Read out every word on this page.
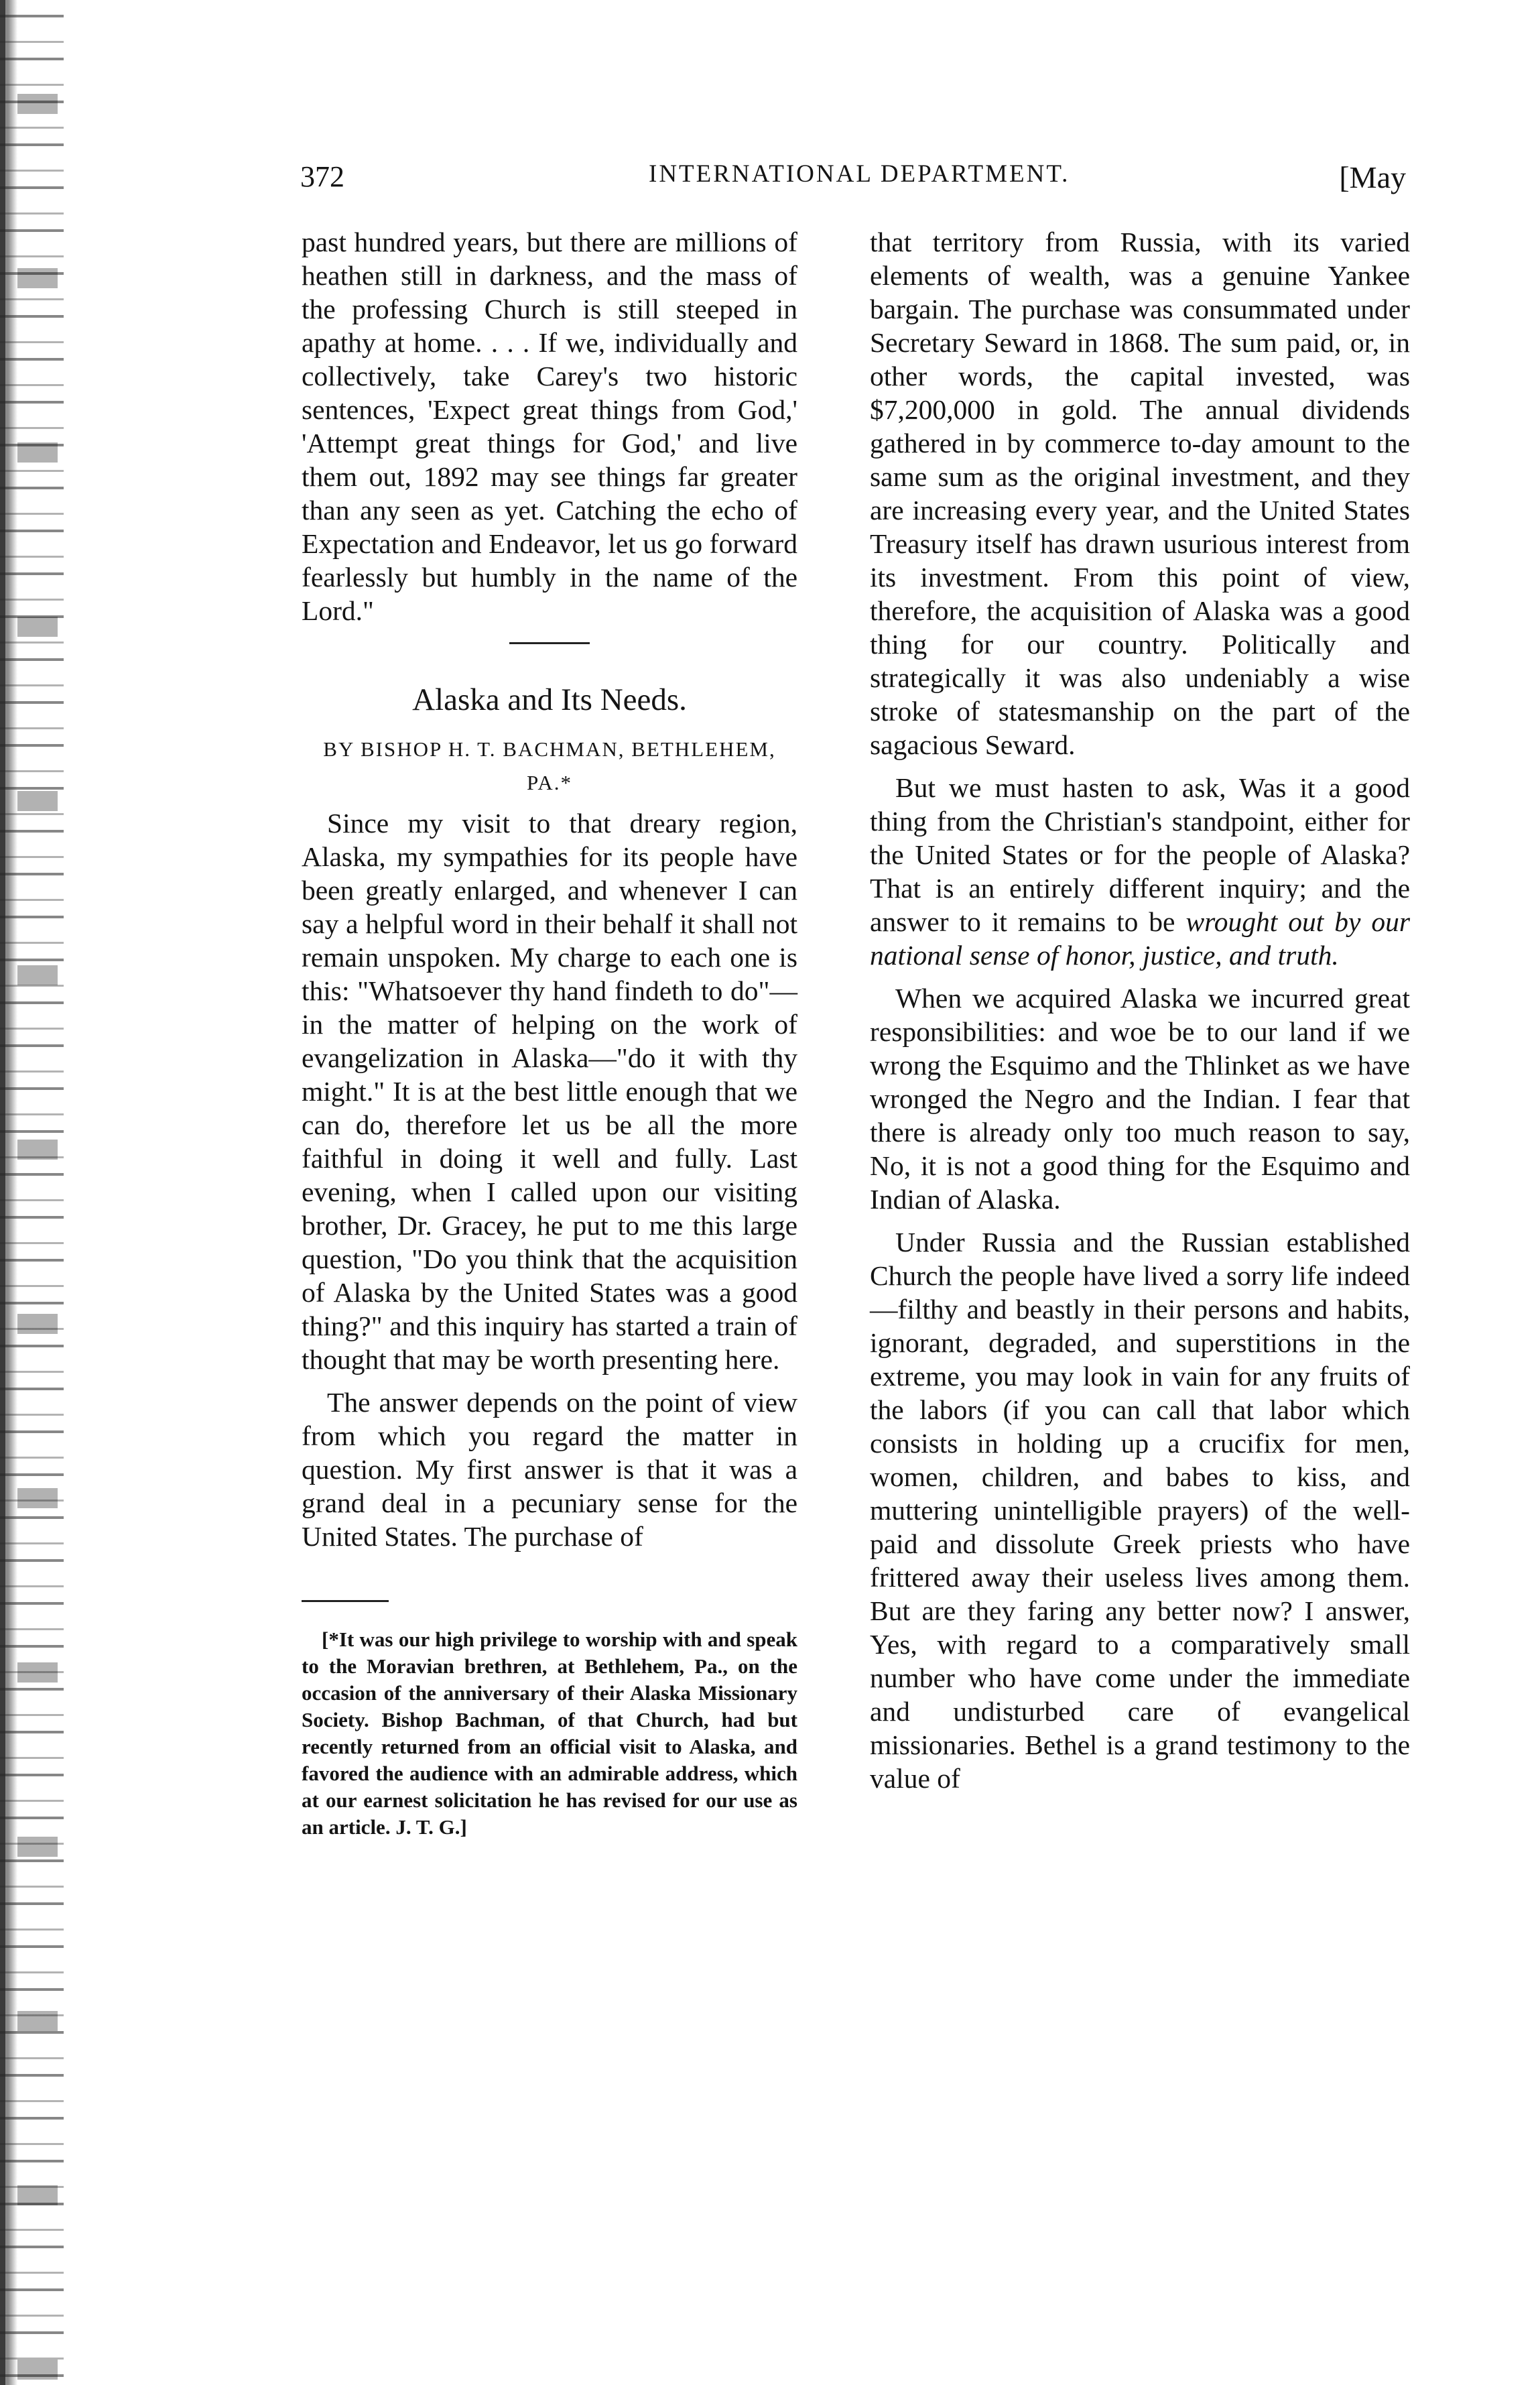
372	INTERNATIONAL DEPARTMENT.	[May

past hundred years, but there are millions of heathen still in darkness, and the mass of the professing Church is still steeped in apathy at home. . . . If we, individually and collectively, take Carey's two historic sentences, 'Expect great things from God,' 'Attempt great things for God,' and live them out, 1892 may see things far greater than any seen as yet. Catching the echo of Expectation and Endeavor, let us go forward fearlessly but humbly in the name of the Lord."

Alaska and Its Needs.

BY BISHOP H. T. BACHMAN, BETHLEHEM, PA.*

Since my visit to that dreary region, Alaska, my sympathies for its people have been greatly enlarged, and whenever I can say a helpful word in their behalf it shall not remain unspoken. My charge to each one is this: "Whatsoever thy hand findeth to do"—in the matter of helping on the work of evangelization in Alaska—"do it with thy might." It is at the best little enough that we can do, therefore let us be all the more faithful in doing it well and fully. Last evening, when I called upon our visiting brother, Dr. Gracey, he put to me this large question, "Do you think that the acquisition of Alaska by the United States was a good thing?" and this inquiry has started a train of thought that may be worth presenting here.

The answer depends on the point of view from which you regard the matter in question. My first answer is that it was a grand deal in a pecuniary sense for the United States. The purchase of

[*It was our high privilege to worship with and speak to the Moravian brethren, at Bethlehem, Pa., on the occasion of the anniversary of their Alaska Missionary Society. Bishop Bachman, of that Church, had but recently returned from an official visit to Alaska, and favored the audience with an admirable address, which at our earnest solicitation he has revised for our use as an article. J. T. G.]

that territory from Russia, with its varied elements of wealth, was a genuine Yankee bargain. The purchase was consummated under Secretary Seward in 1868. The sum paid, or, in other words, the capital invested, was $7,200,000 in gold. The annual dividends gathered in by commerce to-day amount to the same sum as the original investment, and they are increasing every year, and the United States Treasury itself has drawn usurious interest from its investment. From this point of view, therefore, the acquisition of Alaska was a good thing for our country. Politically and strategically it was also undeniably a wise stroke of statesmanship on the part of the sagacious Seward.

But we must hasten to ask, Was it a good thing from the Christian's standpoint, either for the United States or for the people of Alaska? That is an entirely different inquiry; and the answer to it remains to be wrought out by our national sense of honor, justice, and truth.

When we acquired Alaska we incurred great responsibilities: and woe be to our land if we wrong the Esquimo and the Thlinket as we have wronged the Negro and the Indian. I fear that there is already only too much reason to say, No, it is not a good thing for the Esquimo and Indian of Alaska.

Under Russia and the Russian established Church the people have lived a sorry life indeed—filthy and beastly in their persons and habits, ignorant, degraded, and superstitions in the extreme, you may look in vain for any fruits of the labors (if you can call that labor which consists in holding up a crucifix for men, women, children, and babes to kiss, and muttering unintelligible prayers) of the well-paid and dissolute Greek priests who have frittered away their useless lives among them. But are they faring any better now? I answer, Yes, with regard to a comparatively small number who have come under the immediate and undisturbed care of evangelical missionaries. Bethel is a grand testimony to the value of
